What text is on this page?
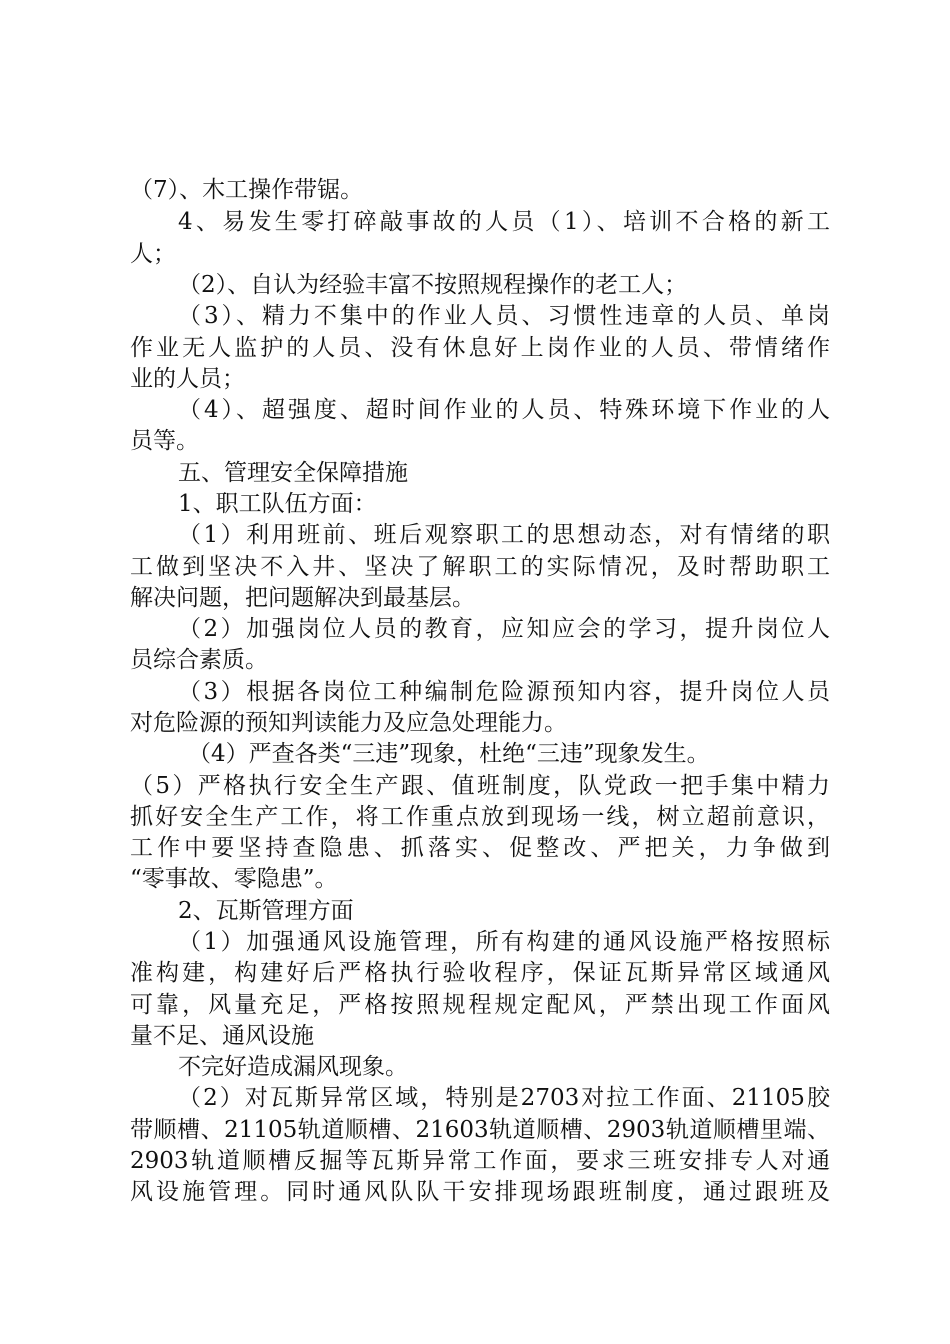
（7）、木工操作带锯。
4、易发生零打碎敲事故的人员（1）、培训不合格的新工
人；
（2）、自认为经验丰富不按照规程操作的老工人；
（3）、精力不集中的作业人员、习惯性违章的人员、单岗
作业无人监护的人员、没有休息好上岗作业的人员、带情绪作
业的人员；
（4）、超强度、超时间作业的人员、特殊环境下作业的人
员等。
五、管理安全保障措施
1、职工队伍方面：
（1）利用班前、班后观察职工的思想动态，对有情绪的职
工做到坚决不入井、坚决了解职工的实际情况，及时帮助职工
解决问题，把问题解决到最基层。
（2）加强岗位人员的教育，应知应会的学习，提升岗位人
员综合素质。
（3）根据各岗位工种编制危险源预知内容，提升岗位人员
对危险源的预知判读能力及应急处理能力。
（4）严查各类“三违”现象，杜绝“三违”现象发生。
（5）严格执行安全生产跟、值班制度，队党政一把手集中精力
抓好安全生产工作，将工作重点放到现场一线，树立超前意识，
工作中要坚持查隐患、抓落实、促整改、严把关，力争做到
“零事故、零隐患”。
2、瓦斯管理方面
（1）加强通风设施管理，所有构建的通风设施严格按照标
准构建，构建好后严格执行验收程序，保证瓦斯异常区域通风
可靠，风量充足，严格按照规程规定配风，严禁出现工作面风
量不足、通风设施
不完好造成漏风现象。
（2）对瓦斯异常区域，特别是2703对拉工作面、21105胶
带顺槽、21105轨道顺槽、21603轨道顺槽、2903轨道顺槽里端、
2903轨道顺槽反掘等瓦斯异常工作面，要求三班安排专人对通
风设施管理。同时通风队队干安排现场跟班制度，通过跟班及
